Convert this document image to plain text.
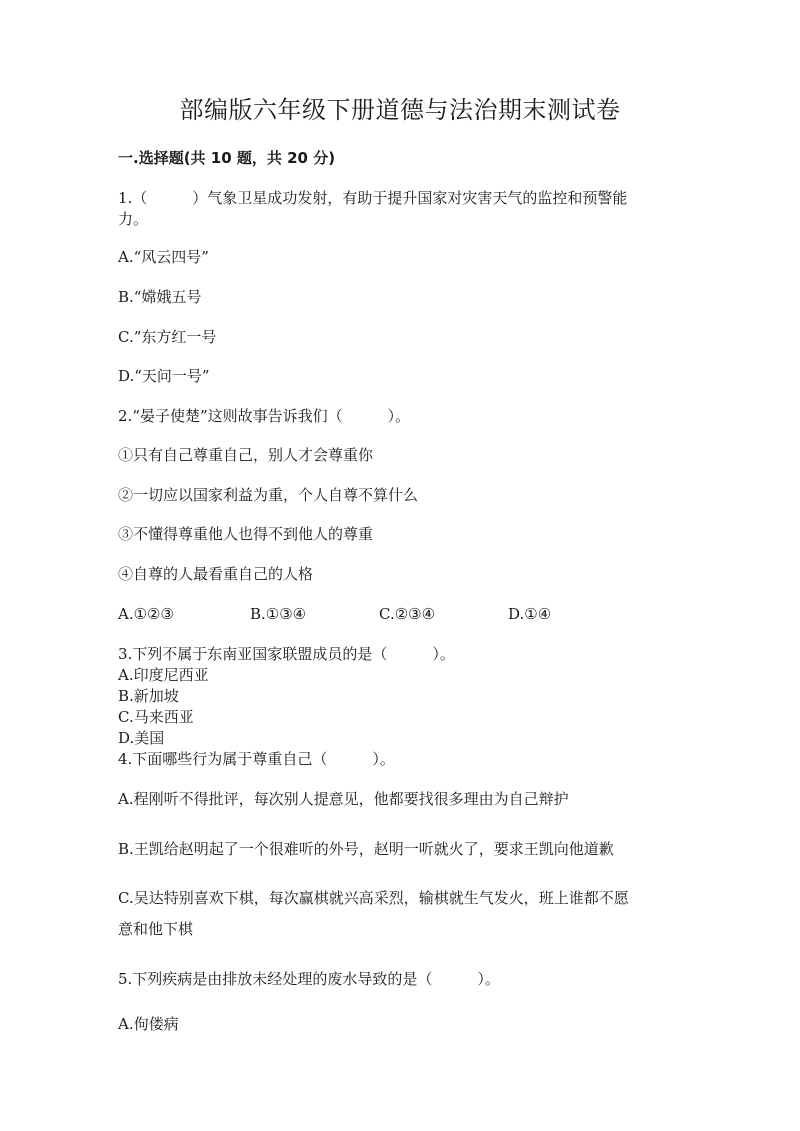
部编版六年级下册道德与法治期末测试卷
一.选择题(共 10 题，共 20 分)
1.（　　　）气象卫星成功发射，有助于提升国家对灾害天气的监控和预警能
力。
A.“风云四号”
B.“嫦娥五号
C.”东方红一号
D.“天问一号”
2.“晏子使楚”这则故事告诉我们（　　　）。
①只有自己尊重自己，别人才会尊重你
②一切应以国家利益为重，个人自尊不算什么
③不懂得尊重他人也得不到他人的尊重
④自尊的人最看重自己的人格
A.①②③	B.①③④	C.②③④	D.①④
3.下列不属于东南亚国家联盟成员的是（　　　）。
A.印度尼西亚
B.新加坡
C.马来西亚
D.美国
4.下面哪些行为属于尊重自己（　　　）。
A.程刚听不得批评，每次别人提意见，他都要找很多理由为自己辩护
B.王凯给赵明起了一个很难听的外号，赵明一听就火了，要求王凯向他道歉
C.吴达特别喜欢下棋，每次赢棋就兴高采烈，输棋就生气发火，班上谁都不愿
意和他下棋
5.下列疾病是由排放未经处理的废水导致的是（　　　）。
A.佝偻病
